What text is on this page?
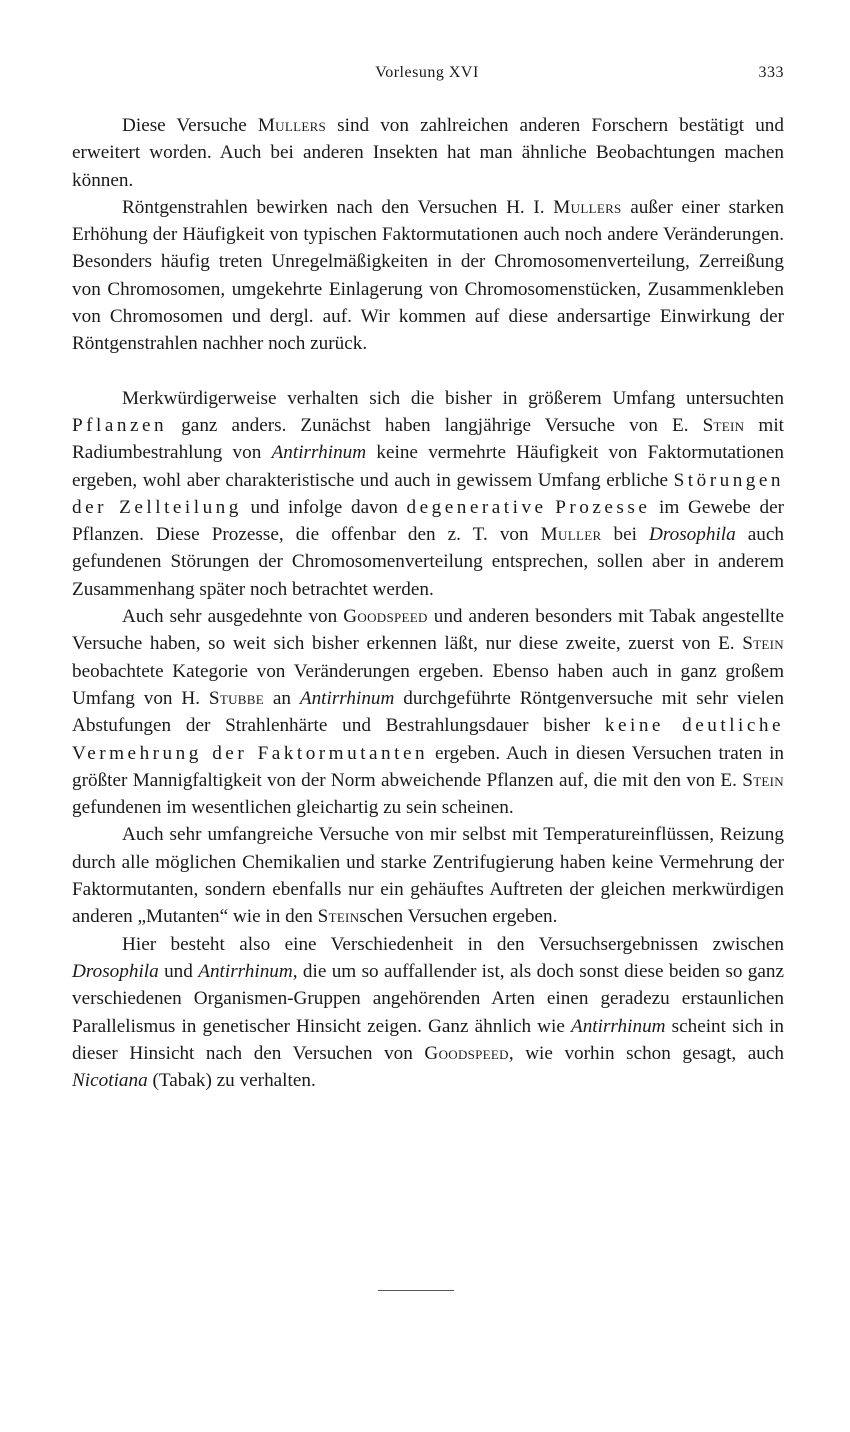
Vorlesung XVI	333

Diese Versuche Mullers sind von zahlreichen anderen Forschern bestätigt und erweitert worden. Auch bei anderen Insekten hat man ähnliche Beobachtungen machen können.

Röntgenstrahlen bewirken nach den Versuchen H. I. Mullers außer einer starken Erhöhung der Häufigkeit von typischen Faktormutationen auch noch andere Veränderungen. Besonders häufig treten Unregelmäßigkeiten in der Chromosomenverteilung, Zerreißung von Chromosomen, umgekehrte Einlagerung von Chromosomenstücken, Zusammenkleben von Chromosomen und dergl. auf. Wir kommen auf diese andersartige Einwirkung der Röntgenstrahlen nachher noch zurück.

Merkwürdigerweise verhalten sich die bisher in größerem Umfang untersuchten Pflanzen ganz anders. Zunächst haben langjährige Versuche von E. Stein mit Radiumbestrahlung von Antirrhinum keine vermehrte Häufigkeit von Faktormutationen ergeben, wohl aber charakteristische und auch in gewissem Umfang erbliche Störungen der Zellteilung und infolge davon degenerative Prozesse im Gewebe der Pflanzen. Diese Prozesse, die offenbar den z. T. von Muller bei Drosophila auch gefundenen Störungen der Chromosomenverteilung entsprechen, sollen aber in anderem Zusammenhang später noch betrachtet werden.

Auch sehr ausgedehnte von Goodspeed und anderen besonders mit Tabak angestellte Versuche haben, so weit sich bisher erkennen läßt, nur diese zweite, zuerst von E. Stein beobachtete Kategorie von Veränderungen ergeben. Ebenso haben auch in ganz großem Umfang von H. Stubbe an Antirrhinum durchgeführte Röntgenversuche mit sehr vielen Abstufungen der Strahlenhärte und Bestrahlungsdauer bisher keine deutliche Vermehrung der Faktormutanten ergeben. Auch in diesen Versuchen traten in größter Mannigfaltigkeit von der Norm abweichende Pflanzen auf, die mit den von E. Stein gefundenen im wesentlichen gleichartig zu sein scheinen.

Auch sehr umfangreiche Versuche von mir selbst mit Temperatureinflüssen, Reizung durch alle möglichen Chemikalien und starke Zentrifugierung haben keine Vermehrung der Faktormutanten, sondern ebenfalls nur ein gehäuftes Auftreten der gleichen merkwürdigen anderen „Mutanten“ wie in den Steinschen Versuchen ergeben.

Hier besteht also eine Verschiedenheit in den Versuchsergebnissen zwischen Drosophila und Antirrhinum, die um so auffallender ist, als doch sonst diese beiden so ganz verschiedenen Organismen-Gruppen angehörenden Arten einen geradezu erstaunlichen Parallelismus in genetischer Hinsicht zeigen. Ganz ähnlich wie Antirrhinum scheint sich in dieser Hinsicht nach den Versuchen von Goodspeed, wie vorhin schon gesagt, auch Nicotiana (Tabak) zu verhalten.
